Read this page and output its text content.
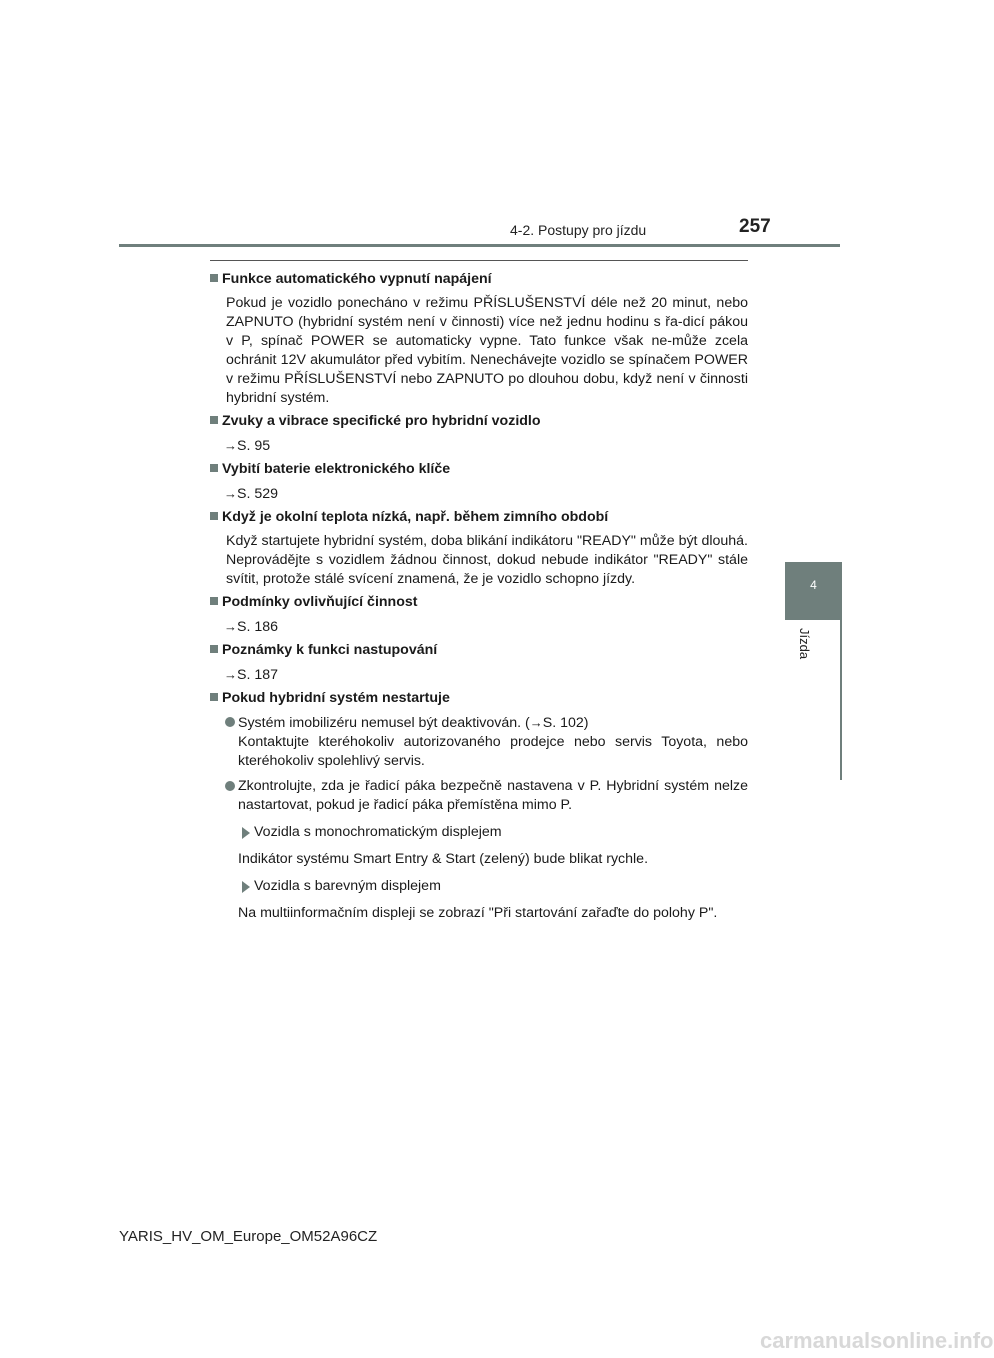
4-2. Postupy pro jízdu	257
4
Jízda
Funkce automatického vypnutí napájení
Pokud je vozidlo ponecháno v režimu PŘÍSLUŠENSTVÍ déle než 20 minut, nebo ZAPNUTO (hybridní systém není v činnosti) více než jednu hodinu s řa-dicí pákou v P, spínač POWER se automaticky vypne. Tato funkce však ne-může zcela ochránit 12V akumulátor před vybitím. Nenechávejte vozidlo se spínačem POWER v režimu PŘÍSLUŠENSTVÍ nebo ZAPNUTO po dlouhou dobu, když není v činnosti hybridní systém.
Zvuky a vibrace specifické pro hybridní vozidlo
→S. 95
Vybití baterie elektronického klíče
→S. 529
Když je okolní teplota nízká, např. během zimního období
Když startujete hybridní systém, doba blikání indikátoru "READY" může být dlouhá. Neprovádějte s vozidlem žádnou činnost, dokud nebude indikátor "READY" stále svítit, protože stálé svícení znamená, že je vozidlo schopno jízdy.
Podmínky ovlivňující činnost
→S. 186
Poznámky k funkci nastupování
→S. 187
Pokud hybridní systém nestartuje
Systém imobilizéru nemusel být deaktivován. (→S. 102)
Kontaktujte kteréhokoliv autorizovaného prodejce nebo servis Toyota, nebo kteréhokoliv spolehlivý servis.
Zkontrolujte, zda je řadicí páka bezpečně nastavena v P. Hybridní systém nelze nastartovat, pokud je řadicí páka přemístěna mimo P.
Vozidla s monochromatickým displejem
Indikátor systému Smart Entry & Start (zelený) bude blikat rychle.
Vozidla s barevným displejem
Na multiinformačním displeji se zobrazí "Při startování zařaďte do polohy P".
YARIS_HV_OM_Europe_OM52A96CZ
carmanualsonline.info
